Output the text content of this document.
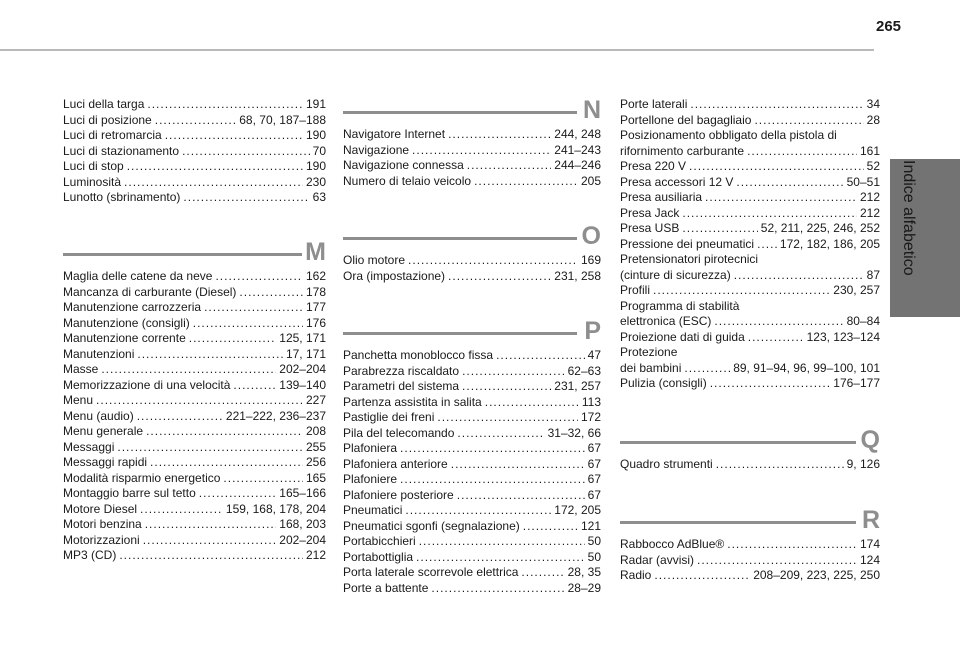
265
Indice alfabetico
Luci della targa .....	191
Luci di posizione .....	68, 70, 187–188
Luci di retromarcia .....	190
Luci di stazionamento .....	70
Luci di stop .....	190
Luminosità .....	230
Lunotto (sbrinamento) .....	63
M
Maglia delle catene da neve .....	162
Mancanza di carburante (Diesel) .....	178
Manutenzione carrozzeria .....	177
Manutenzione (consigli) .....	176
Manutenzione corrente .....	125, 171
Manutenzioni .....	17, 171
Masse .....	202–204
Memorizzazione di una velocità .....	139–140
Menu .....	227
Menu (audio) .....	221–222, 236–237
Menu generale .....	208
Messaggi .....	255
Messaggi rapidi .....	256
Modalità risparmio energetico .....	165
Montaggio barre sul tetto .....	165–166
Motore Diesel .....	159, 168, 178, 204
Motori benzina .....	168, 203
Motorizzazioni .....	202–204
MP3 (CD) .....	212
N
Navigatore Internet .....	244, 248
Navigazione .....	241–243
Navigazione connessa .....	244–246
Numero di telaio veicolo .....	205
O
Olio motore .....	169
Ora (impostazione) .....	231, 258
P
Panchetta monoblocco fissa .....	47
Parabrezza riscaldato .....	62–63
Parametri del sistema .....	231, 257
Partenza assistita in salita .....	113
Pastiglie dei freni .....	172
Pila del telecomando .....	31–32, 66
Plafoniera .....	67
Plafoniera anteriore .....	67
Plafoniere .....	67
Plafoniere posteriore .....	67
Pneumatici .....	172, 205
Pneumatici sgonfi (segnalazione) .....	121
Portabicchieri .....	50
Portabottiglia .....	50
Porta laterale scorrevole elettrica .....	28, 35
Porte a battente .....	28–29
Porte laterali .....	34
Portellone del bagagliaio .....	28
Posizionamento obbligato della pistola di
rifornimento carburante .....	161
Presa 220 V .....	52
Presa accessori 12 V .....	50–51
Presa ausiliaria .....	212
Presa Jack .....	212
Presa USB .....	52, 211, 225, 246, 252
Pressione dei pneumatici ..... 172, 182, 186, 205
Pretensionatori pirotecnici
(cinture di sicurezza) .....	87
Profili .....	230, 257
Programma di stabilità
elettronica (ESC) .....	80–84
Proiezione dati di guida .....	123, 123–124
Protezione
dei bambini .....	89, 91–94, 96, 99–100, 101
Pulizia (consigli) .....	176–177
Q
Quadro strumenti .....	9, 126
R
Rabbocco AdBlue® .....	174
Radar (avvisi) .....	124
Radio .....	208–209, 223, 225, 250
